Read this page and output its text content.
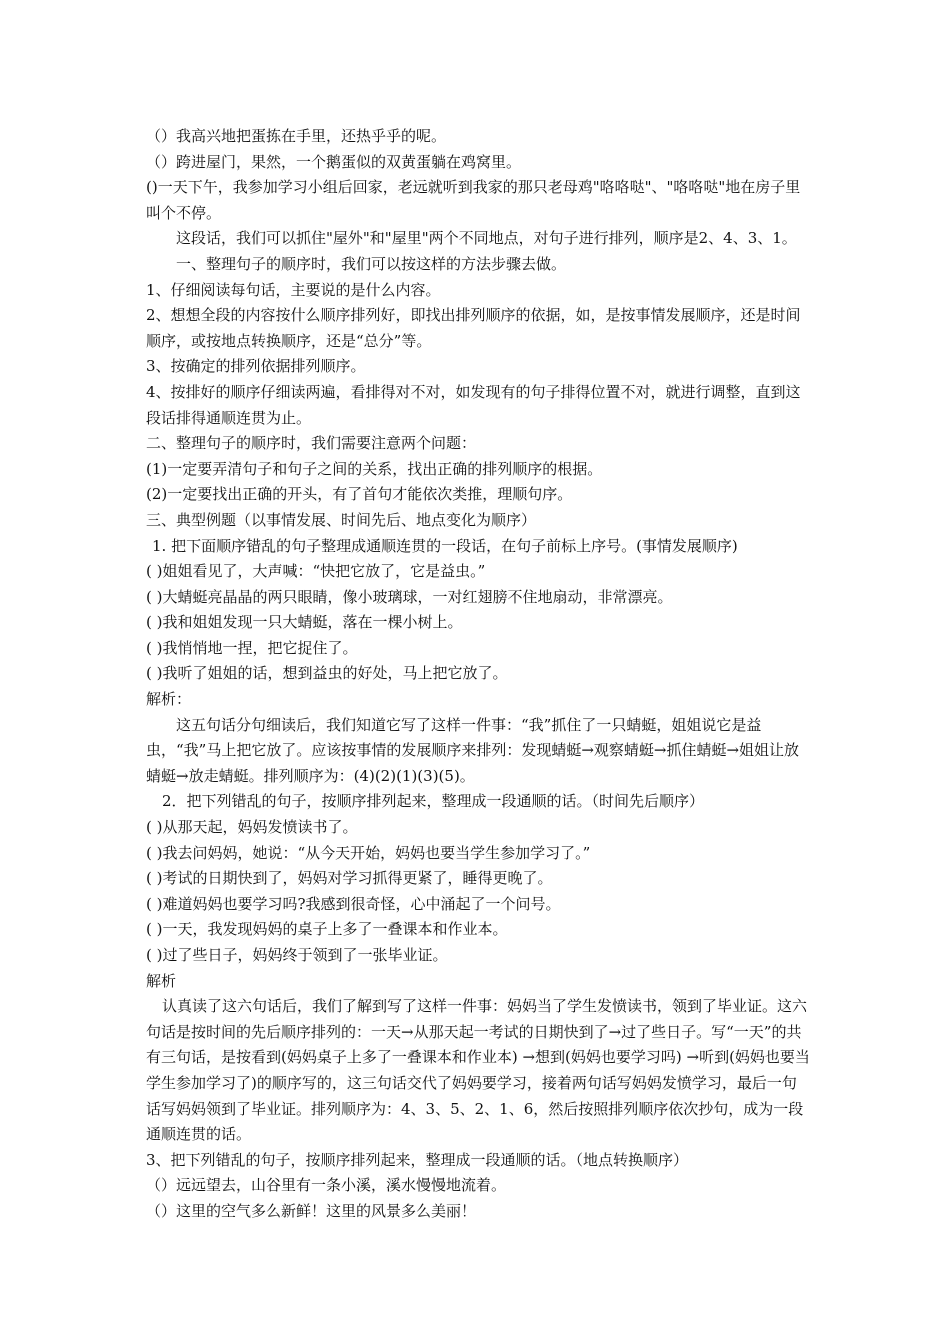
（）我高兴地把蛋拣在手里，还热乎乎的呢。
（）跨进屋门，果然，一个鹅蛋似的双黄蛋躺在鸡窝里。
()一天下午，我参加学习小组后回家，老远就听到我家的那只老母鸡"咯咯哒"、"咯咯哒"地在房子里叫个不停。
这段话，我们可以抓住"屋外"和"屋里"两个不同地点，对句子进行排列，顺序是2、4、3、1。
一、整理句子的顺序时，我们可以按这样的方法步骤去做。
1、仔细阅读每句话，主要说的是什么内容。
2、想想全段的内容按什么顺序排列好，即找出排列顺序的依据，如，是按事情发展顺序，还是时间顺序，或按地点转换顺序，还是“总分”等。
3、按确定的排列依据排列顺序。
4、按排好的顺序仔细读两遍，看排得对不对，如发现有的句子排得位置不对，就进行调整，直到这段话排得通顺连贯为止。
二、整理句子的顺序时，我们需要注意两个问题：
(1)一定要弄清句子和句子之间的关系，找出正确的排列顺序的根据。
(2)一定要找出正确的开头，有了首句才能依次类推，理顺句序。
三、典型例题（以事情发展、时间先后、地点变化为顺序）
1. 把下面顺序错乱的句子整理成通顺连贯的一段话，在句子前标上序号。(事情发展顺序)
( )姐姐看见了，大声喊：“快把它放了，它是益虫。”
( )大蜻蜓亮晶晶的两只眼睛，像小玻璃球，一对红翅膀不住地扇动，非常漂亮。
( )我和姐姐发现一只大蜻蜓，落在一棵小树上。
( )我悄悄地一捏，把它捉住了。
( )我听了姐姐的话，想到益虫的好处，马上把它放了。
解析：
这五句话分句细读后，我们知道它写了这样一件事：“我”抓住了一只蜻蜓，姐姐说它是益虫，“我”马上把它放了。应该按事情的发展顺序来排列：发现蜻蜓→观察蜻蜓→抓住蜻蜓→姐姐让放蜻蜓→放走蜻蜓。排列顺序为：(4)(2)(1)(3)(5)。
2．把下列错乱的句子，按顺序排列起来，整理成一段通顺的话。（时间先后顺序）
( )从那天起，妈妈发愤读书了。
( )我去问妈妈，她说：“从今天开始，妈妈也要当学生参加学习了。”
( )考试的日期快到了，妈妈对学习抓得更紧了，睡得更晚了。
( )难道妈妈也要学习吗?我感到很奇怪，心中涌起了一个问号。
( )一天，我发现妈妈的桌子上多了一叠课本和作业本。
( )过了些日子，妈妈终于领到了一张毕业证。
解析
认真读了这六句话后，我们了解到写了这样一件事：妈妈当了学生发愤读书，领到了毕业证。这六句话是按时间的先后顺序排列的：一天→从那天起一考试的日期快到了→过了些日子。写“一天”的共有三句话，是按看到(妈妈桌子上多了一叠课本和作业本) →想到(妈妈也要学习吗) →听到(妈妈也要当学生参加学习了)的顺序写的，这三句话交代了妈妈要学习，接着两句话写妈妈发愤学习，最后一句话写妈妈领到了毕业证。排列顺序为：4、3、5、2、1、6，然后按照排列顺序依次抄句，成为一段通顺连贯的话。
3、把下列错乱的句子，按顺序排列起来，整理成一段通顺的话。（地点转换顺序）
（）远远望去，山谷里有一条小溪，溪水慢慢地流着。
（）这里的空气多么新鲜！这里的风景多么美丽！
